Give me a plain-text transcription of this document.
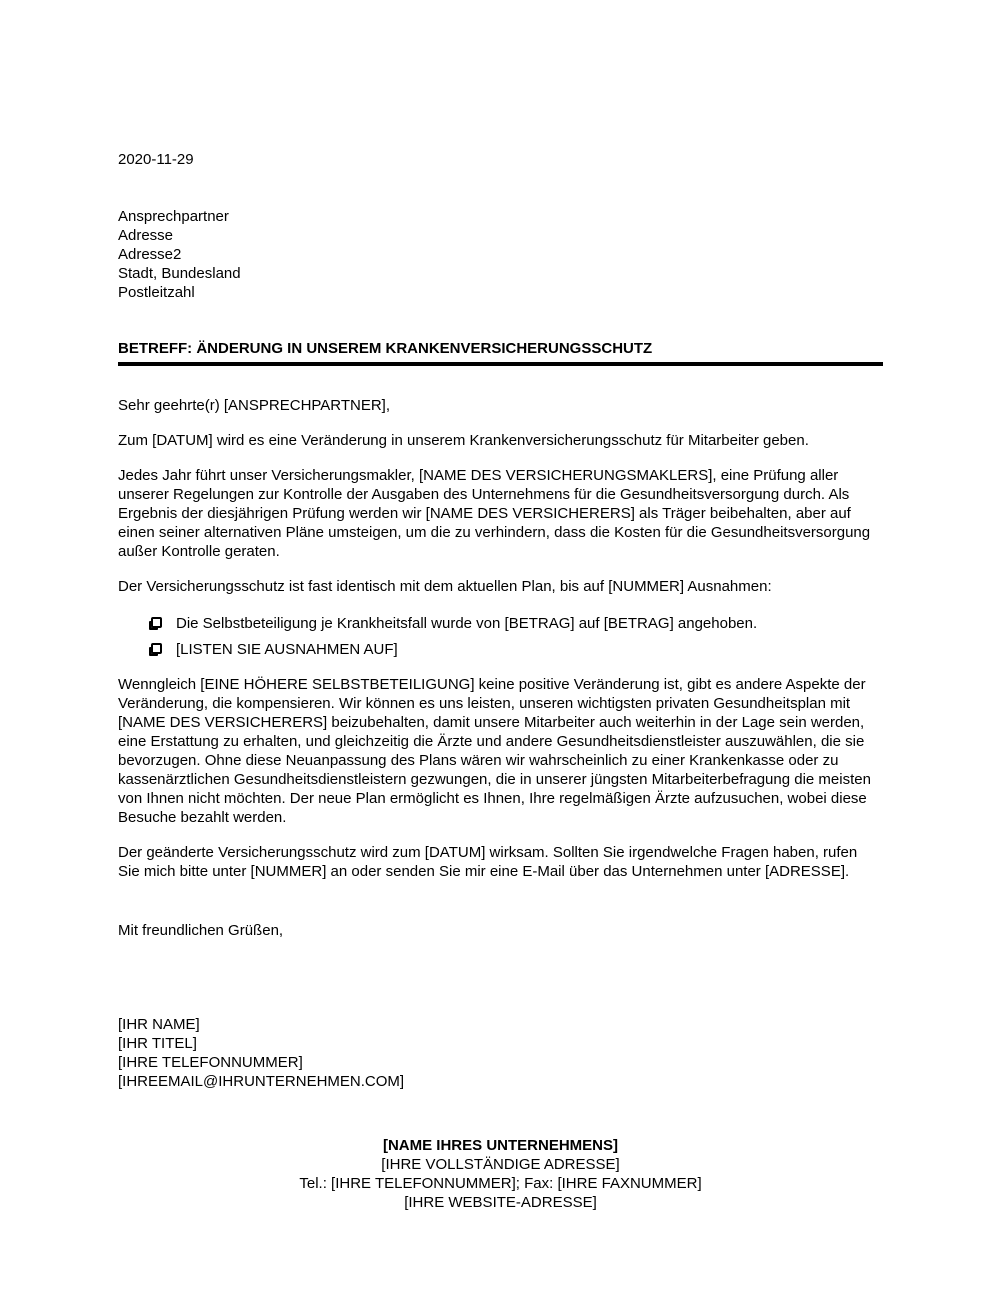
2020-11-29
Ansprechpartner
Adresse
Adresse2
Stadt, Bundesland
Postleitzahl
BETREFF: ÄNDERUNG IN UNSEREM KRANKENVERSICHERUNGSSCHUTZ
Sehr geehrte(r) [ANSPRECHPARTNER],

Zum [DATUM] wird es eine Veränderung in unserem Krankenversicherungsschutz für Mitarbeiter geben.

Jedes Jahr führt unser Versicherungsmakler, [NAME DES VERSICHERUNGSMAKLERS], eine Prüfung aller unserer Regelungen zur Kontrolle der Ausgaben des Unternehmens für die Gesundheitsversorgung durch. Als Ergebnis der diesjährigen Prüfung werden wir [NAME DES VERSICHERERS] als Träger beibehalten, aber auf einen seiner alternativen Pläne umsteigen, um die zu verhindern, dass die Kosten für die Gesundheitsversorgung außer Kontrolle geraten.

Der Versicherungsschutz ist fast identisch mit dem aktuellen Plan, bis auf [NUMMER] Ausnahmen:

Die Selbstbeteiligung je Krankheitsfall wurde von [BETRAG] auf [BETRAG] angehoben.
[LISTEN SIE AUSNAHMEN AUF]

Wenngleich [EINE HÖHERE SELBSTBETEILIGUNG] keine positive Veränderung ist, gibt es andere Aspekte der Veränderung, die kompensieren. Wir können es uns leisten, unseren wichtigsten privaten Gesundheitsplan mit [NAME DES VERSICHERERS] beizubehalten, damit unsere Mitarbeiter auch weiterhin in der Lage sein werden, eine Erstattung zu erhalten, und gleichzeitig die Ärzte und andere Gesundheitsdienstleister auszuwählen, die sie bevorzugen. Ohne diese Neuanpassung des Plans wären wir wahrscheinlich zu einer Krankenkasse oder zu kassenärztlichen Gesundheitsdienstleistern gezwungen, die in unserer jüngsten Mitarbeiterbefragung die meisten von Ihnen nicht möchten. Der neue Plan ermöglicht es Ihnen, Ihre regelmäßigen Ärzte aufzusuchen, wobei diese Besuche bezahlt werden.

Der geänderte Versicherungsschutz wird zum [DATUM] wirksam. Sollten Sie irgendwelche Fragen haben, rufen Sie mich bitte unter [NUMMER] an oder senden Sie mir eine E-Mail über das Unternehmen unter [ADRESSE].

Mit freundlichen Grüßen,
[IHR NAME]
[IHR TITEL]
[IHRE TELEFONNUMMER]
[IHREEMAIL@IHRUNTERNEHMEN.COM]
[NAME IHRES UNTERNEHMENS]
[IHRE VOLLSTÄNDIGE ADRESSE]
Tel.: [IHRE TELEFONNUMMER]; Fax: [IHRE FAXNUMMER]
[IHRE WEBSITE-ADRESSE]
